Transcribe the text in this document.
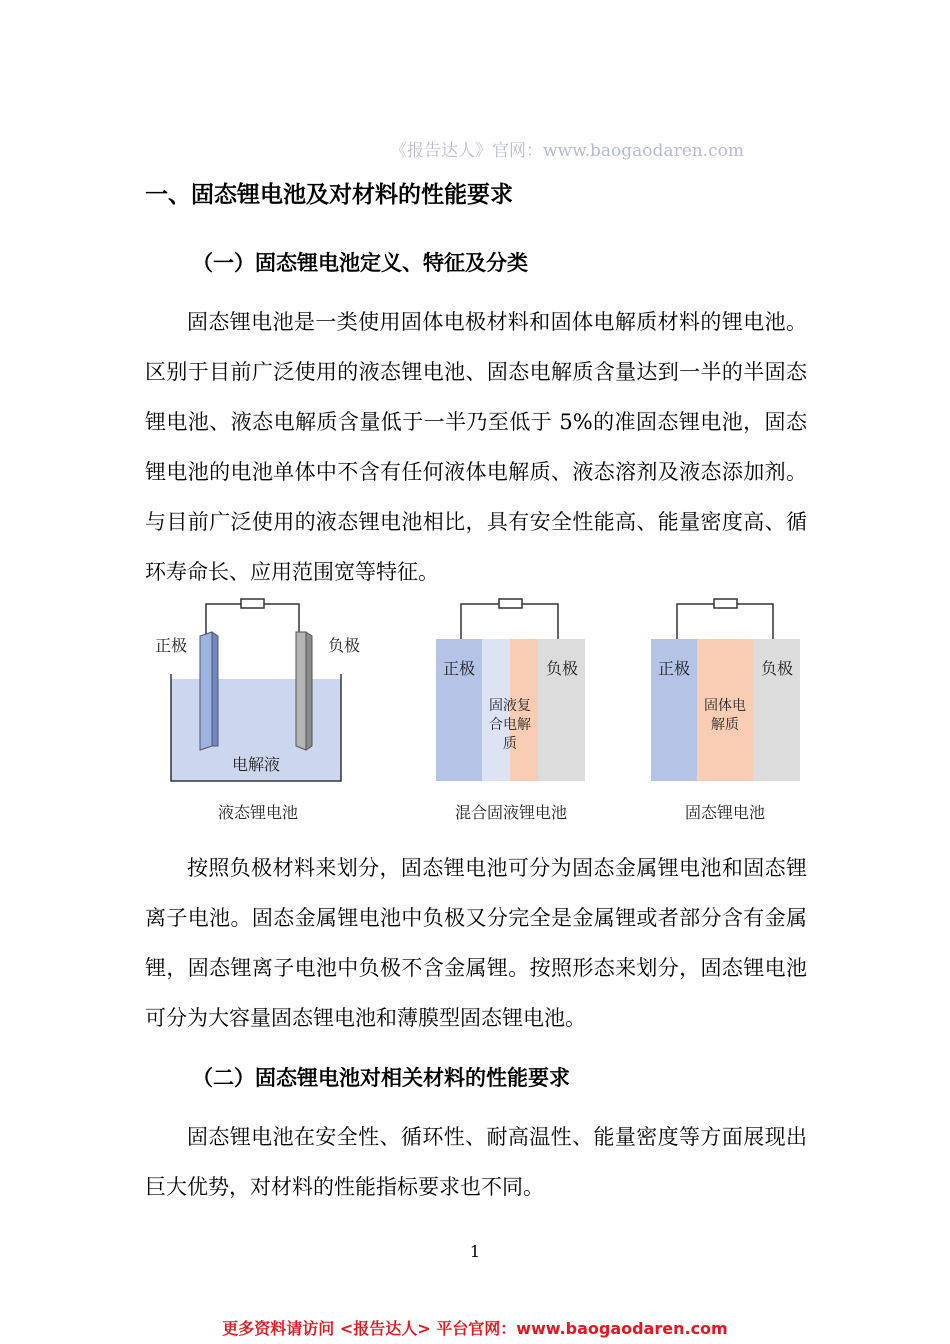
《报告达人》官网：www.baogaodaren.com
一、固态锂电池及对材料的性能要求
（一）固态锂电池定义、特征及分类

固态锂电池是一类使用固体电极材料和固体电解质材料的锂电池。区别于目前广泛使用的液态锂电池、固态电解质含量达到一半的半固态锂电池、液态电解质含量低于一半乃至低于 5%的准固态锂电池，固态锂电池的电池单体中不含有任何液体电解质、液态溶剂及液态添加剂。与目前广泛使用的液态锂电池相比，具有安全性能高、能量密度高、循环寿命长、应用范围宽等特征。

正极	负极
电解液
液态锂电池
正极	负极
固液复
合电解
质
混合固液锂电池
正极	负极
固体电
解质
固态锂电池

按照负极材料来划分，固态锂电池可分为固态金属锂电池和固态锂离子电池。固态金属锂电池中负极又分完全是金属锂或者部分含有金属锂，固态锂离子电池中负极不含金属锂。按照形态来划分，固态锂电池可分为大容量固态锂电池和薄膜型固态锂电池。

（二）固态锂电池对相关材料的性能要求

固态锂电池在安全性、循环性、耐高温性、能量密度等方面展现出巨大优势，对材料的性能指标要求也不同。

1
更多资料请访问 <报告达人> 平台官网：www.baogaodaren.com
